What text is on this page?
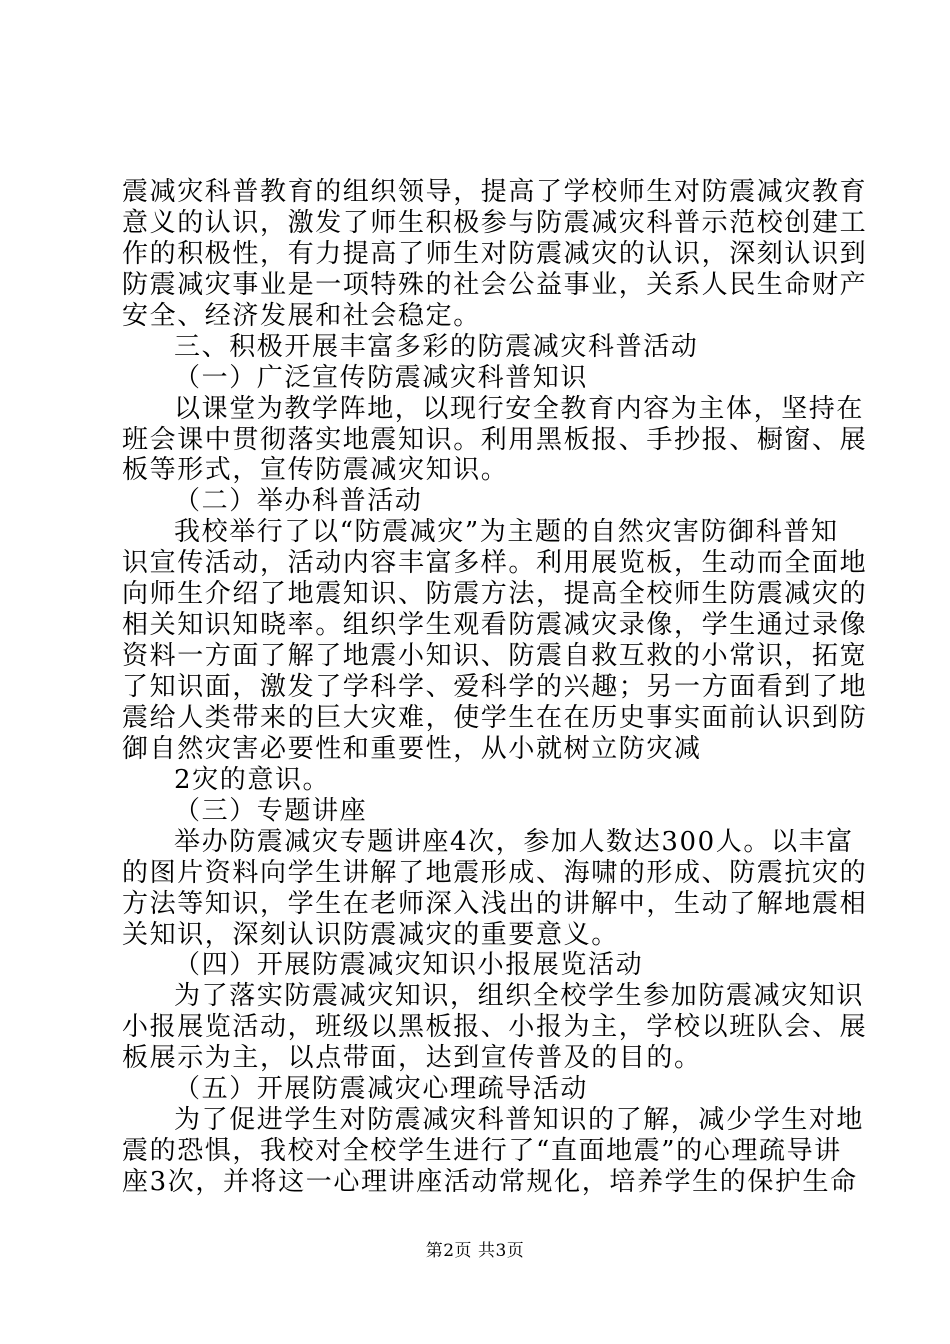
震减灾科普教育的组织领导，提高了学校师生对防震减灾教育
意义的认识，激发了师生积极参与防震减灾科普示范校创建工
作的积极性，有力提高了师生对防震减灾的认识，深刻认识到
防震减灾事业是一项特殊的社会公益事业，关系人民生命财产
安全、经济发展和社会稳定。
三、积极开展丰富多彩的防震减灾科普活动
（一）广泛宣传防震减灾科普知识
以课堂为教学阵地，以现行安全教育内容为主体，坚持在
班会课中贯彻落实地震知识。利用黑板报、手抄报、橱窗、展
板等形式，宣传防震减灾知识。
（二）举办科普活动
我校举行了以“防震减灾”为主题的自然灾害防御科普知
识宣传活动，活动内容丰富多样。利用展览板，生动而全面地
向师生介绍了地震知识、防震方法，提高全校师生防震减灾的
相关知识知晓率。组织学生观看防震减灾录像，学生通过录像
资料一方面了解了地震小知识、防震自救互救的小常识，拓宽
了知识面，激发了学科学、爱科学的兴趣；另一方面看到了地
震给人类带来的巨大灾难，使学生在在历史事实面前认识到防
御自然灾害必要性和重要性，从小就树立防灾减
2灾的意识。
（三）专题讲座
举办防震减灾专题讲座4次，参加人数达300人。以丰富
的图片资料向学生讲解了地震形成、海啸的形成、防震抗灾的
方法等知识，学生在老师深入浅出的讲解中，生动了解地震相
关知识，深刻认识防震减灾的重要意义。
（四）开展防震减灾知识小报展览活动
为了落实防震减灾知识，组织全校学生参加防震减灾知识
小报展览活动，班级以黑板报、小报为主，学校以班队会、展
板展示为主，以点带面，达到宣传普及的目的。
（五）开展防震减灾心理疏导活动
为了促进学生对防震减灾科普知识的了解，减少学生对地
震的恐惧，我校对全校学生进行了“直面地震”的心理疏导讲
座3次，并将这一心理讲座活动常规化，培养学生的保护生命
第2页 共3页
